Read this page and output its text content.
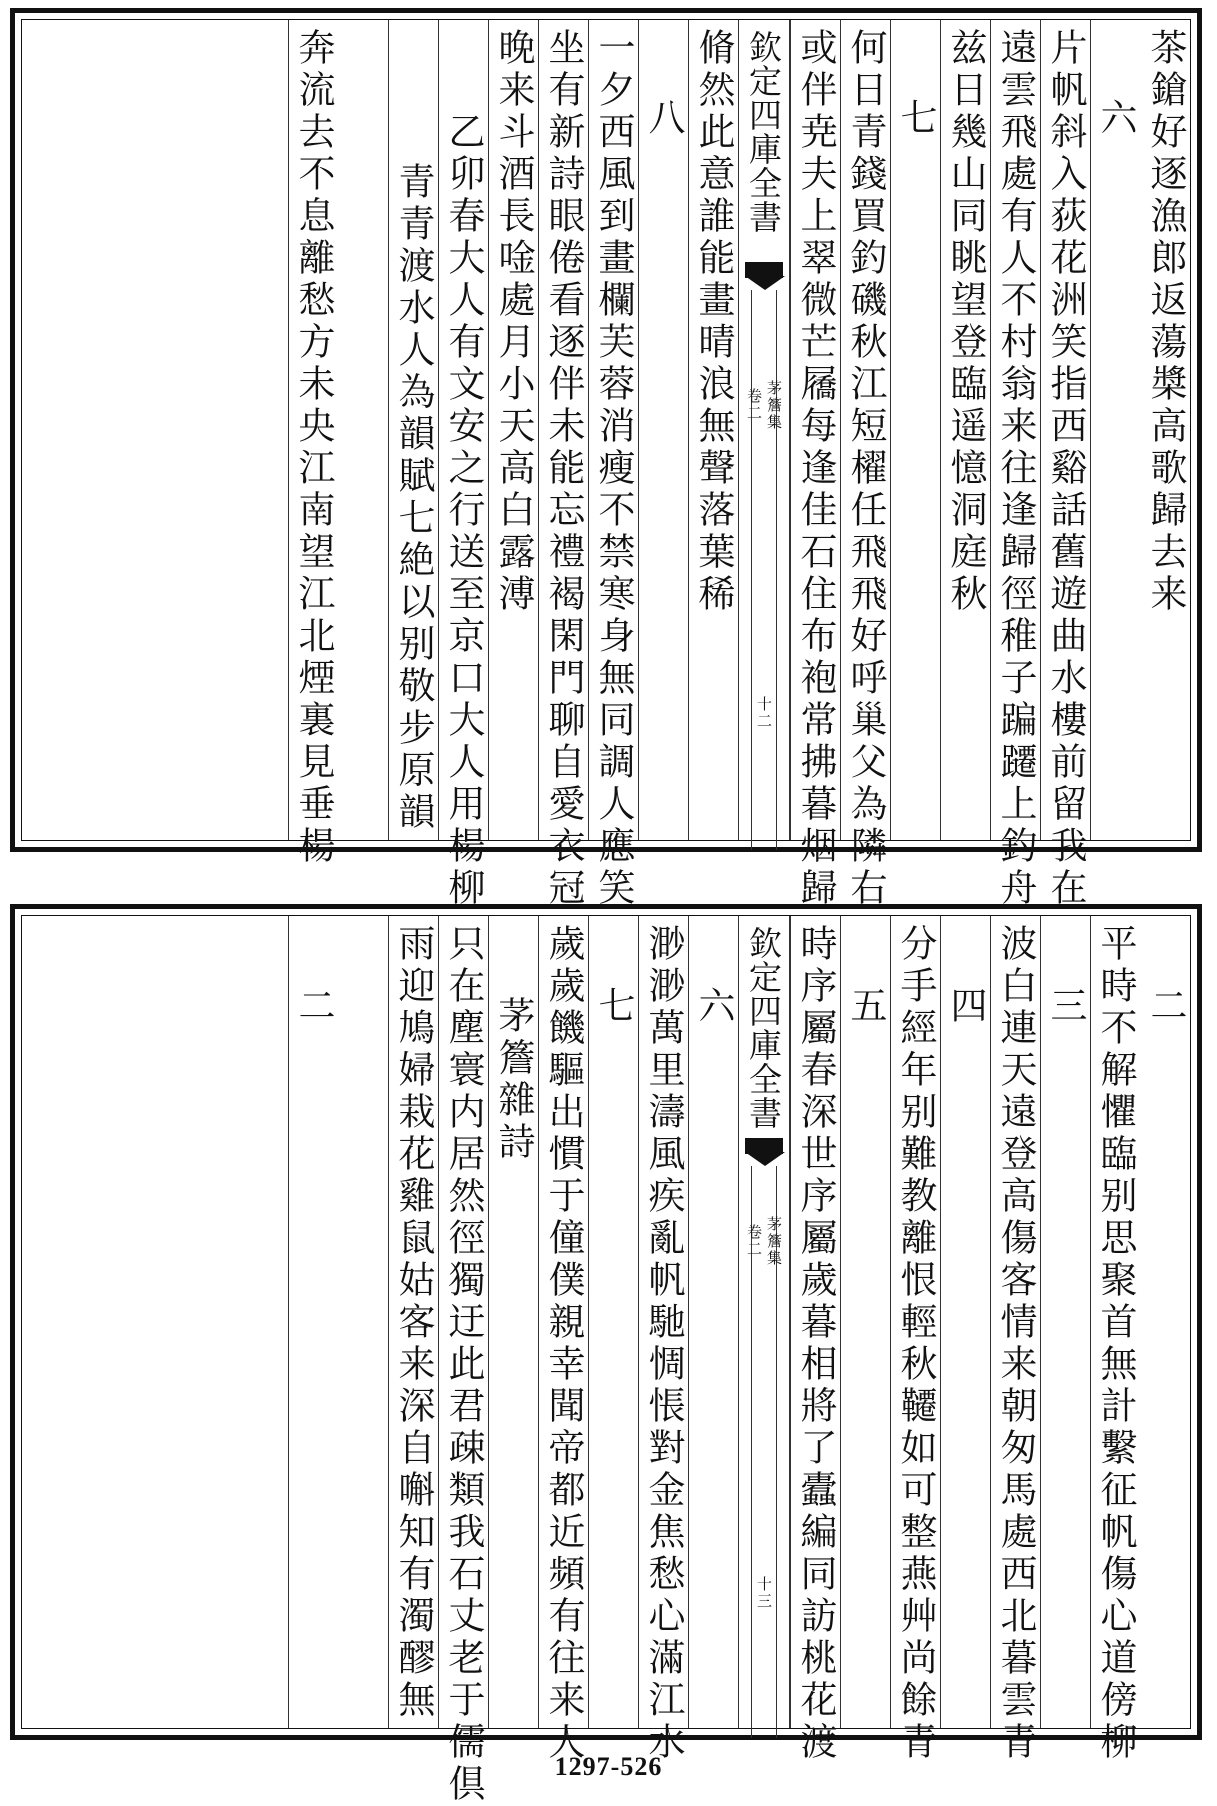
茶鎗好逐漁郎返蕩槳高歌歸去来
六
片帆斜入荻花洲笑指西谿話舊遊曲水樓前留我在
遠雲飛處有人不村翁来往逢歸徑稚子蹁躚上釣舟
兹日幾山同眺望登臨遥憶洞庭秋
七
何日青錢買釣磯秋江短櫂任飛飛好呼巢父為隣右
或伴尭夫上翠微芒屩每逢佳石住布袍常拂暮烟歸
欽定四庫全書
茅簷集
卷二
十二
脩然此意誰能畫晴浪無聲落葉稀
八
一夕西風到畫欄芙蓉消瘦不禁寒身無同調人應笑
坐有新詩眼倦看逐伴未能忘禮褐閑門聊自愛衣冠
晚来斗酒長唫處月小天高白露溥
乙卯春大人有文安之行送至京口大人用楊柳
青青渡水人為韻賦七絶以别敬步原韻
奔流去不息離愁方未央江南望江北煙裏見垂楊
二
平時不解懼臨别思聚首無計繫征帆傷心道傍柳
三
波白連天遠登高傷客情来朝匆馬處西北暮雲青
四
分手經年别難教離恨輕秋韆如可整燕艸尚餘青
五
時序屬春深世序屬歲暮相將了蠹編同訪桃花渡
欽定四庫全書
茅簷集
卷二
十三
六
渺渺萬里濤風疾亂帆馳惆悵對金焦愁心滿江水
七
歲歲饑驅出慣于僮僕親幸聞帝都近頻有往来人
茅簷雜詩
只在塵寰内居然徑獨迂此君疎類我石丈老于儒倶
雨迎鳩婦栽花雞鼠姑客来深自嘝知有濁醪無
二
1297-526
